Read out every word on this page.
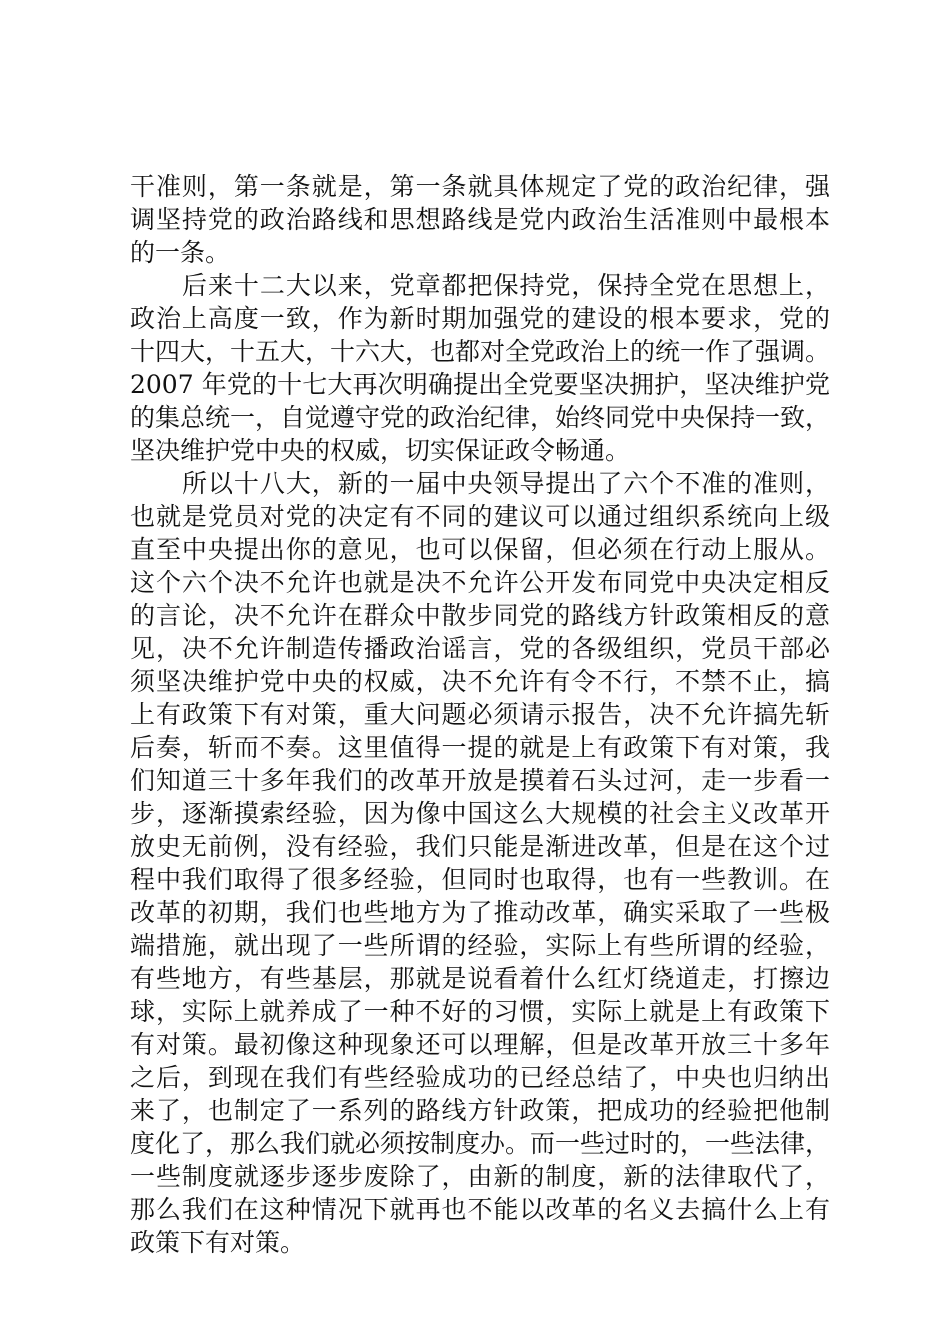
干准则，第一条就是，第一条就具体规定了党的政治纪律，强
调坚持党的政治路线和思想路线是党内政治生活准则中最根本
的一条。
后来十二大以来，党章都把保持党，保持全党在思想上，
政治上高度一致，作为新时期加强党的建设的根本要求，党的
十四大，十五大，十六大，也都对全党政治上的统一作了强调。
2007 年党的十七大再次明确提出全党要坚决拥护，坚决维护党
的集总统一，自觉遵守党的政治纪律，始终同党中央保持一致，
坚决维护党中央的权威，切实保证政令畅通。
所以十八大，新的一届中央领导提出了六个不准的准则，
也就是党员对党的决定有不同的建议可以通过组织系统向上级
直至中央提出你的意见，也可以保留，但必须在行动上服从。
这个六个决不允许也就是决不允许公开发布同党中央决定相反
的言论，决不允许在群众中散步同党的路线方针政策相反的意
见，决不允许制造传播政治谣言，党的各级组织，党员干部必
须坚决维护党中央的权威，决不允许有令不行，不禁不止，搞
上有政策下有对策，重大问题必须请示报告，决不允许搞先斩
后奏，斩而不奏。这里值得一提的就是上有政策下有对策，我
们知道三十多年我们的改革开放是摸着石头过河，走一步看一
步，逐渐摸索经验，因为像中国这么大规模的社会主义改革开
放史无前例，没有经验，我们只能是渐进改革，但是在这个过
程中我们取得了很多经验，但同时也取得，也有一些教训。在
改革的初期，我们也些地方为了推动改革，确实采取了一些极
端措施，就出现了一些所谓的经验，实际上有些所谓的经验，
有些地方，有些基层，那就是说看着什么红灯绕道走，打擦边
球，实际上就养成了一种不好的习惯，实际上就是上有政策下
有对策。最初像这种现象还可以理解，但是改革开放三十多年
之后，到现在我们有些经验成功的已经总结了，中央也归纳出
来了，也制定了一系列的路线方针政策，把成功的经验把他制
度化了，那么我们就必须按制度办。而一些过时的，一些法律，
一些制度就逐步逐步废除了，由新的制度，新的法律取代了，
那么我们在这种情况下就再也不能以改革的名义去搞什么上有
政策下有对策。
